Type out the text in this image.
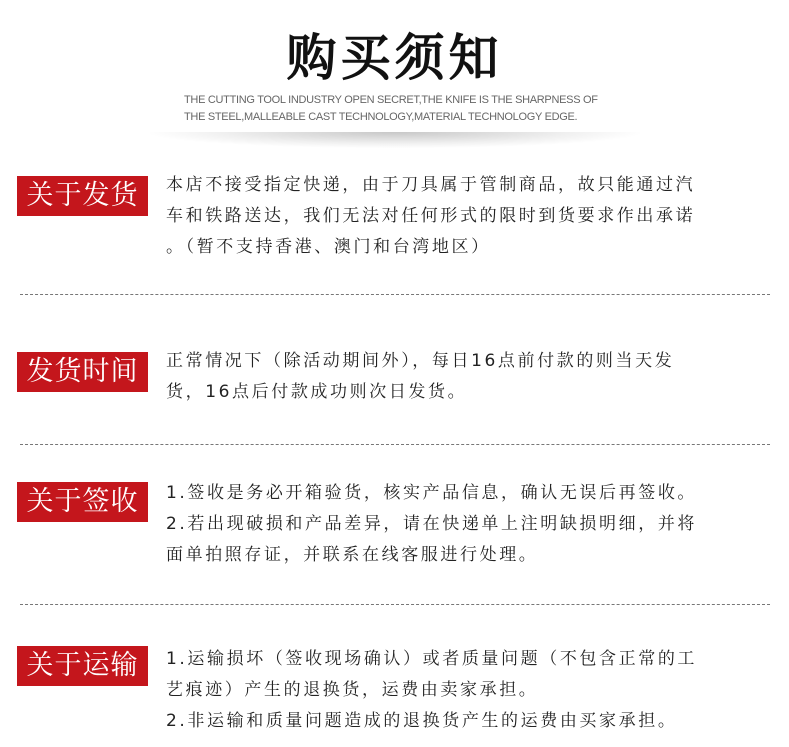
购买须知
THE CUTTING TOOL INDUSTRY OPEN SECRET,THE KNIFE IS THE SHARPNESS OF THE STEEL,MALLEABLE CAST TECHNOLOGY,MATERIAL TECHNOLOGY EDGE.
关于发货	本店不接受指定快递，由于刀具属于管制商品，故只能通过汽
车和铁路送达，我们无法对任何形式的限时到货要求作出承诺
。（暂不支持香港、澳门和台湾地区）
发货时间	正常情况下（除活动期间外），每日16点前付款的则当天发
货，16点后付款成功则次日发货。
关于签收	1.签收是务必开箱验货，核实产品信息，确认无误后再签收。
2.若出现破损和产品差异，请在快递单上注明缺损明细，并将
面单拍照存证，并联系在线客服进行处理。
关于运输	1.运输损坏（签收现场确认）或者质量问题（不包含正常的工
艺痕迹）产生的退换货，运费由卖家承担。
2.非运输和质量问题造成的退换货产生的运费由买家承担。
